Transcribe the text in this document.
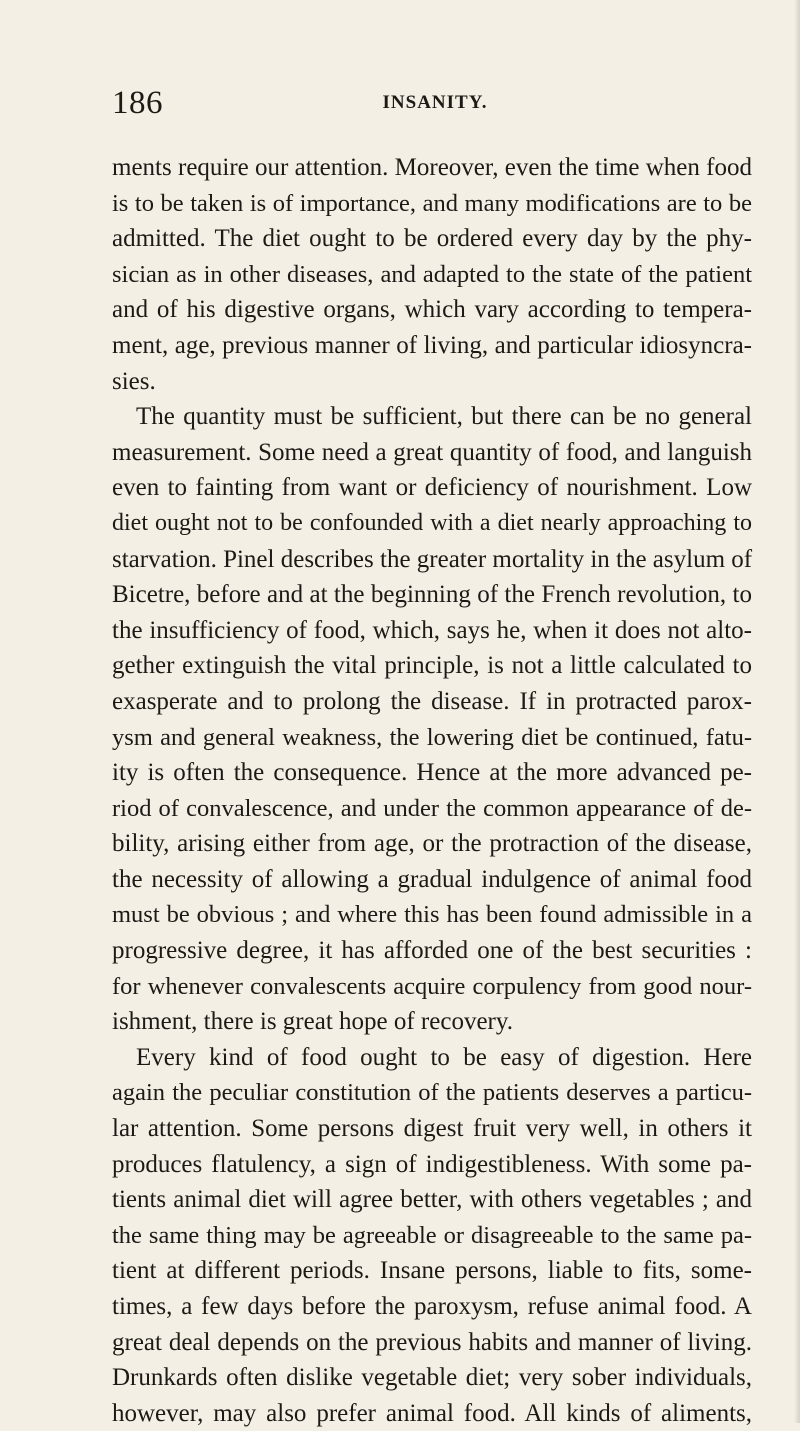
186	INSANITY.
ments require our attention. Moreover, even the time when food
is to be taken is of importance, and many modifications are to be
admitted. The diet ought to be ordered every day by the phy-
sician as in other diseases, and adapted to the state of the patient
and of his digestive organs, which vary according to tempera-
ment, age, previous manner of living, and particular idiosyncra-
sies.
The quantity must be sufficient, but there can be no general
measurement. Some need a great quantity of food, and languish
even to fainting from want or deficiency of nourishment. Low
diet ought not to be confounded with a diet nearly approaching to
starvation. Pinel describes the greater mortality in the asylum of
Bicetre, before and at the beginning of the French revolution, to
the insufficiency of food, which, says he, when it does not alto-
gether extinguish the vital principle, is not a little calculated to
exasperate and to prolong the disease. If in protracted parox-
ysm and general weakness, the lowering diet be continued, fatu-
ity is often the consequence. Hence at the more advanced pe-
riod of convalescence, and under the common appearance of de-
bility, arising either from age, or the protraction of the disease,
the necessity of allowing a gradual indulgence of animal food
must be obvious ; and where this has been found admissible in a
progressive degree, it has afforded one of the best securities :
for whenever convalescents acquire corpulency from good nour-
ishment, there is great hope of recovery.
Every kind of food ought to be easy of digestion. Here
again the peculiar constitution of the patients deserves a particu-
lar attention. Some persons digest fruit very well, in others it
produces flatulency, a sign of indigestibleness. With some pa-
tients animal diet will agree better, with others vegetables ; and
the same thing may be agreeable or disagreeable to the same pa-
tient at different periods. Insane persons, liable to fits, some-
times, a few days before the paroxysm, refuse animal food. A
great deal depends on the previous habits and manner of living.
Drunkards often dislike vegetable diet; very sober individuals,
however, may also prefer animal food. All kinds of aliments,
